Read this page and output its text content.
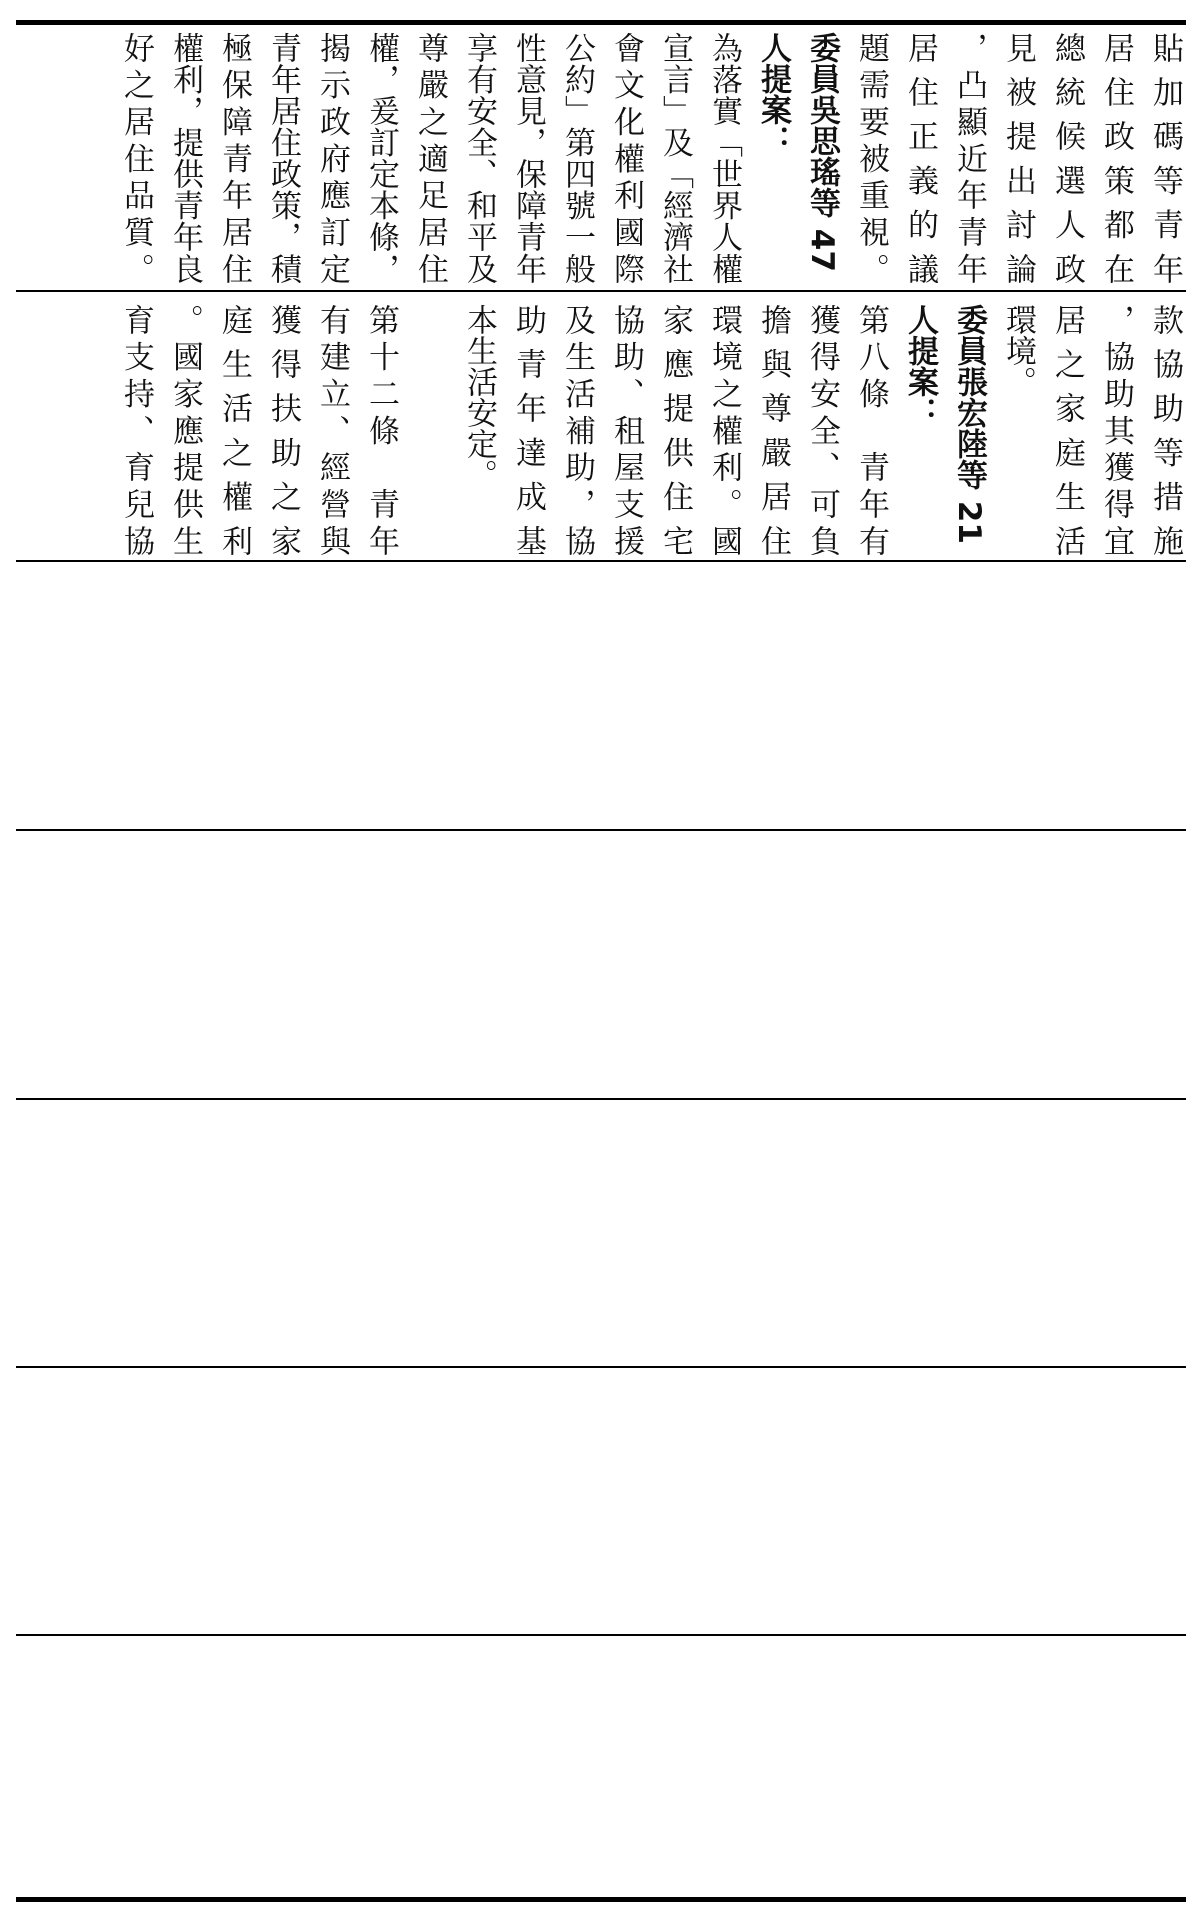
貼加碼等青年
居住政策都在
總統候選人政
見被提出討論
，凸顯近年青年
居住正義的議
題需要被重視。
委員吳思瑤等 47
人提案：
為落實「世界人權
宣言」及「經濟社
會文化權利國際
公約」第四號一般
性意見，保障青年
享有安全、和平及
尊嚴之適足居住
權，爰訂定本條，
揭示政府應訂定
青年居住政策，積
極保障青年居住
權利，提供青年良
好之居住品質。
款協助等措施
，協助其獲得宜
居之家庭生活
環境。
委員張宏陸等 21
人提案：
第八條　青年有
獲得安全、可負
擔與尊嚴居住
環境之權利。國
家應提供住宅
協助、租屋支援
及生活補助，協
助青年達成基
本生活安定。
第十二條　青年
有建立、經營與
獲得扶助之家
庭生活之權利
。國家應提供生
育支持、育兒協
